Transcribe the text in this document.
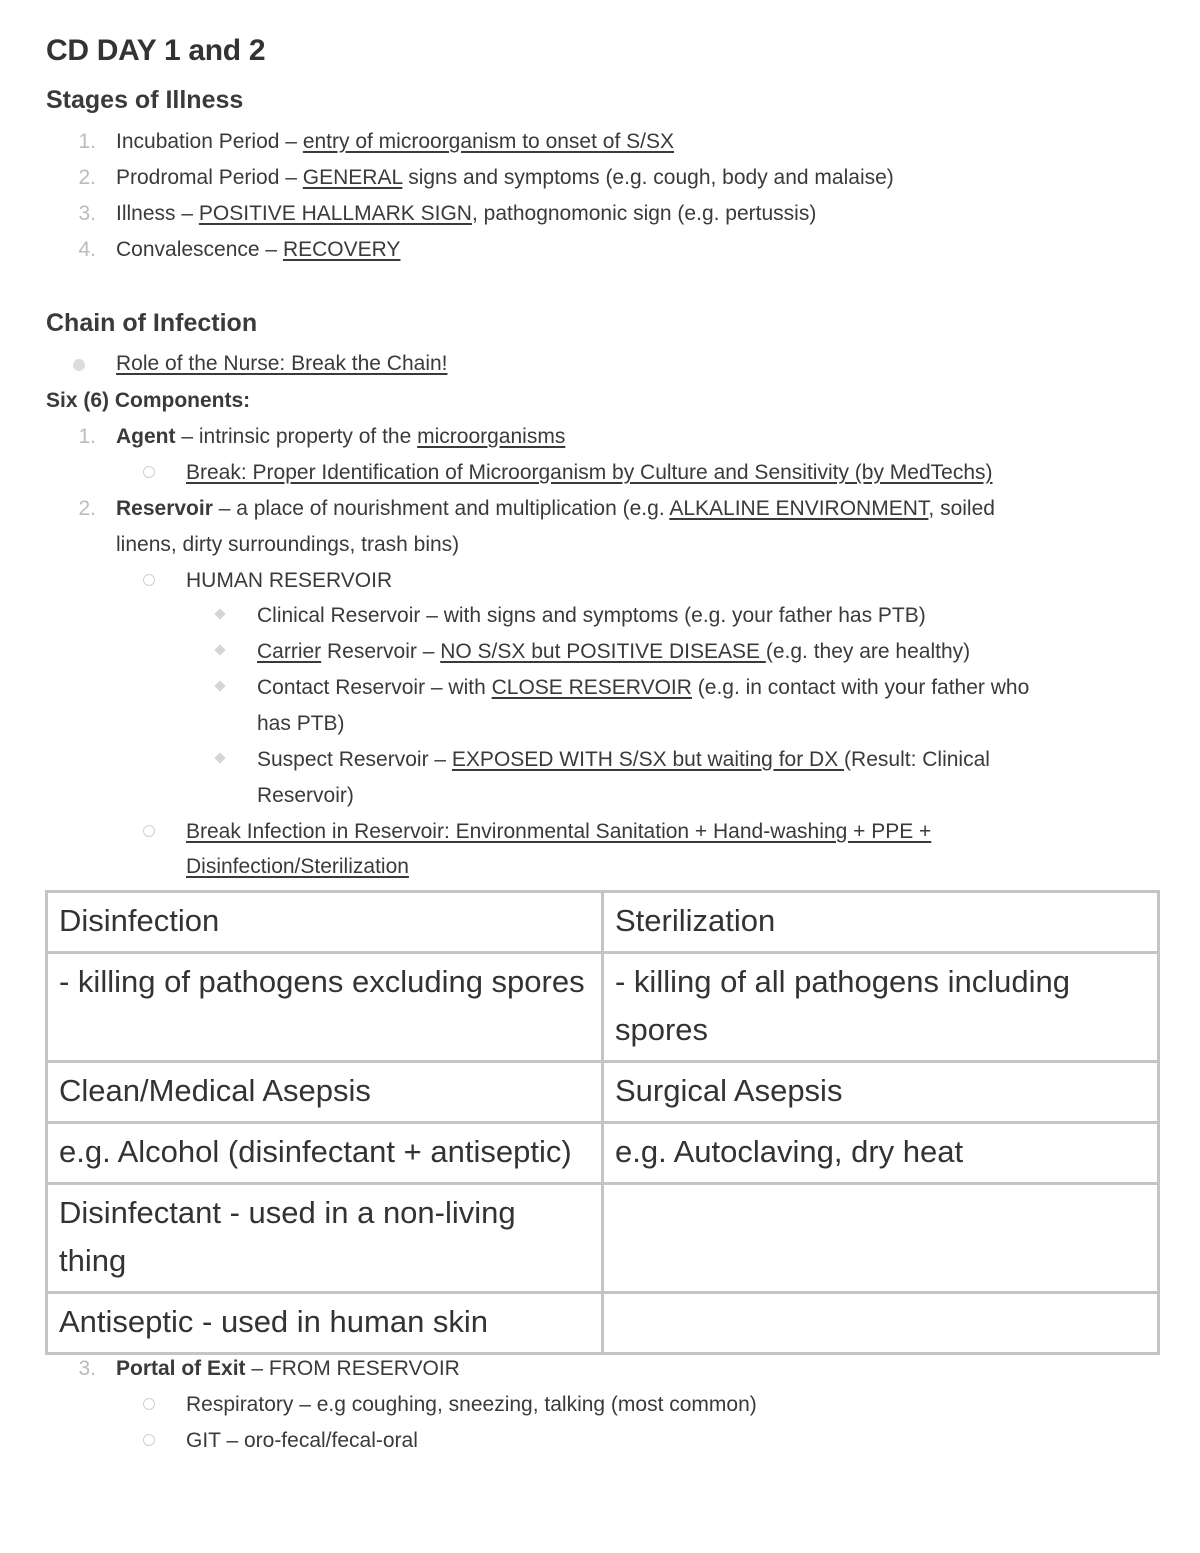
CD DAY 1 and 2
Stages of Illness
1. Incubation Period – entry of microorganism to onset of S/SX
2. Prodromal Period – GENERAL signs and symptoms (e.g. cough, body and malaise)
3. Illness – POSITIVE HALLMARK SIGN, pathognomonic sign (e.g. pertussis)
4. Convalescence – RECOVERY
Chain of Infection
Role of the Nurse: Break the Chain!
Six (6) Components:
1. Agent – intrinsic property of the microorganisms
Break: Proper Identification of Microorganism by Culture and Sensitivity (by MedTechs)
2. Reservoir – a place of nourishment and multiplication (e.g. ALKALINE ENVIRONMENT, soiled
linens, dirty surroundings, trash bins)
HUMAN RESERVOIR
Clinical Reservoir – with signs and symptoms (e.g. your father has PTB)
Carrier Reservoir – NO S/SX but POSITIVE DISEASE (e.g. they are healthy)
Contact Reservoir – with CLOSE RESERVOIR (e.g. in contact with your father who
has PTB)
Suspect Reservoir – EXPOSED WITH S/SX but waiting for DX (Result: Clinical
Reservoir)
Break Infection in Reservoir: Environmental Sanitation + Hand-washing + PPE +
Disinfection/Sterilization
Disinfection	Sterilization
- killing of pathogens excluding spores	- killing of all pathogens including spores
Clean/Medical Asepsis	Surgical Asepsis
e.g. Alcohol (disinfectant + antiseptic)	e.g. Autoclaving, dry heat
Disinfectant - used in a non-living thing	
Antiseptic - used in human skin	
3. Portal of Exit – FROM RESERVOIR
Respiratory – e.g coughing, sneezing, talking (most common)
GIT – oro-fecal/fecal-oral
